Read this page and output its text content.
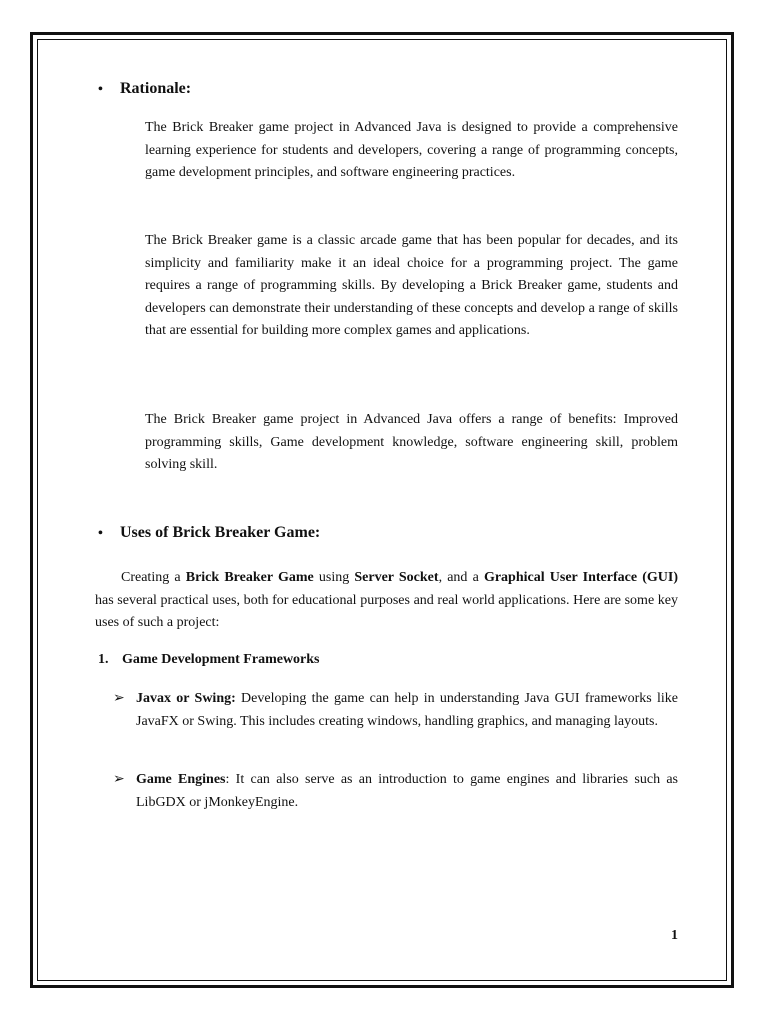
• Rationale:
The Brick Breaker game project in Advanced Java is designed to provide a comprehensive learning experience for students and developers, covering a range of programming concepts, game development principles, and software engineering practices.
The Brick Breaker game is a classic arcade game that has been popular for decades, and its simplicity and familiarity make it an ideal choice for a programming project. The game requires a range of programming skills. By developing a Brick Breaker game, students and developers can demonstrate their understanding of these concepts and develop a range of skills that are essential for building more complex games and applications.
The Brick Breaker game project in Advanced Java offers a range of benefits: Improved programming skills, Game development knowledge, software engineering skill, problem solving skill.
• Uses of Brick Breaker Game:
Creating a Brick Breaker Game using Server Socket, and a Graphical User Interface (GUI) has several practical uses, both for educational purposes and real world applications. Here are some key uses of such a project:
1. Game Development Frameworks
➢ Javax or Swing: Developing the game can help in understanding Java GUI frameworks like JavaFX or Swing. This includes creating windows, handling graphics, and managing layouts.
➢ Game Engines: It can also serve as an introduction to game engines and libraries such as LibGDX or jMonkeyEngine.
1
